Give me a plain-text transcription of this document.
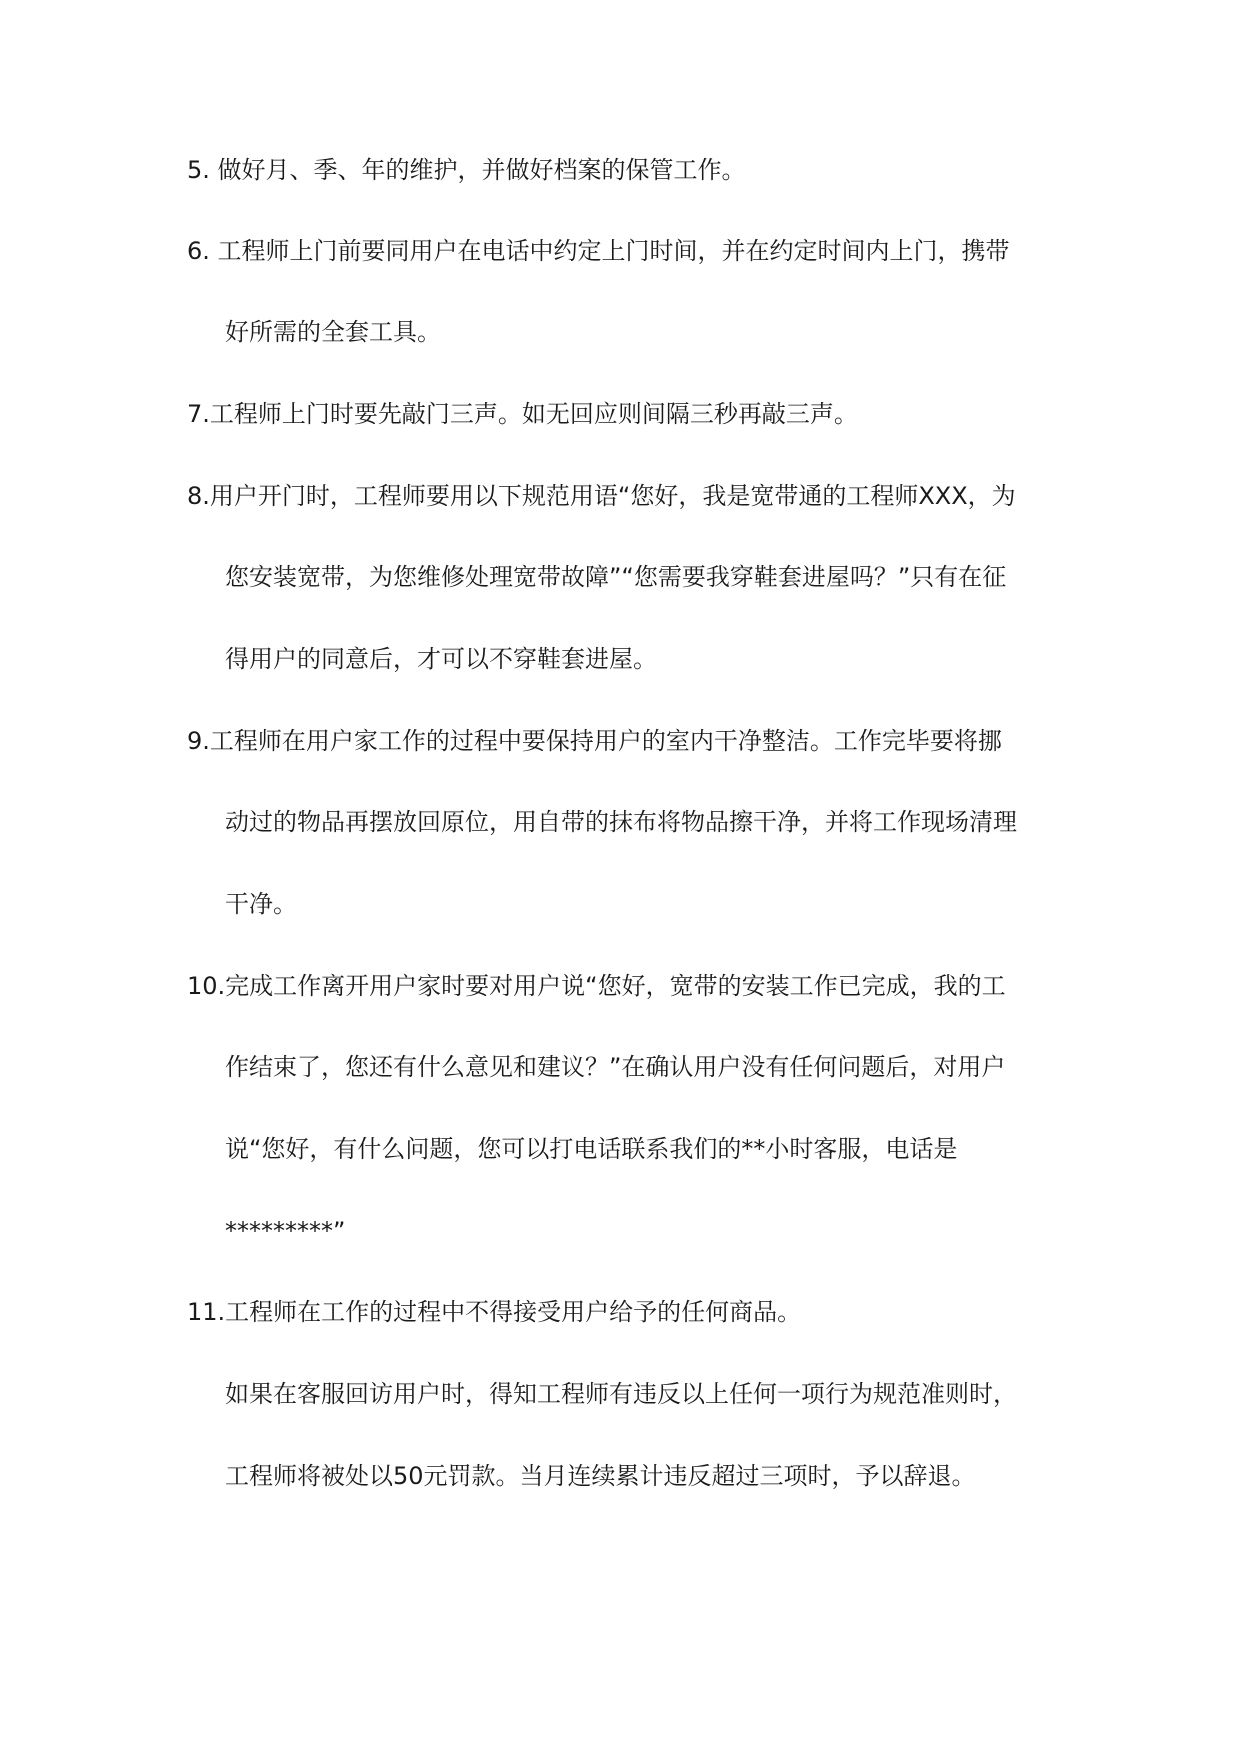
5. 做好月、季、年的维护，并做好档案的保管工作。
6. 工程师上门前要同用户在电话中约定上门时间，并在约定时间内上门，携带
好所需的全套工具。
7.工程师上门时要先敲门三声。如无回应则间隔三秒再敲三声。
8.用户开门时，工程师要用以下规范用语“您好，我是宽带通的工程师XXX，为
您安装宽带，为您维修处理宽带故障”“您需要我穿鞋套进屋吗？”只有在征
得用户的同意后，才可以不穿鞋套进屋。
9.工程师在用户家工作的过程中要保持用户的室内干净整洁。工作完毕要将挪
动过的物品再摆放回原位，用自带的抹布将物品擦干净，并将工作现场清理
干净。
10.完成工作离开用户家时要对用户说“您好，宽带的安装工作已完成，我的工
作结束了，您还有什么意见和建议？”在确认用户没有任何问题后，对用户
说“您好，有什么问题，您可以打电话联系我们的**小时客服，电话是
*********”
11.工程师在工作的过程中不得接受用户给予的任何商品。
如果在客服回访用户时，得知工程师有违反以上任何一项行为规范准则时，
工程师将被处以50元罚款。当月连续累计违反超过三项时，予以辞退。
